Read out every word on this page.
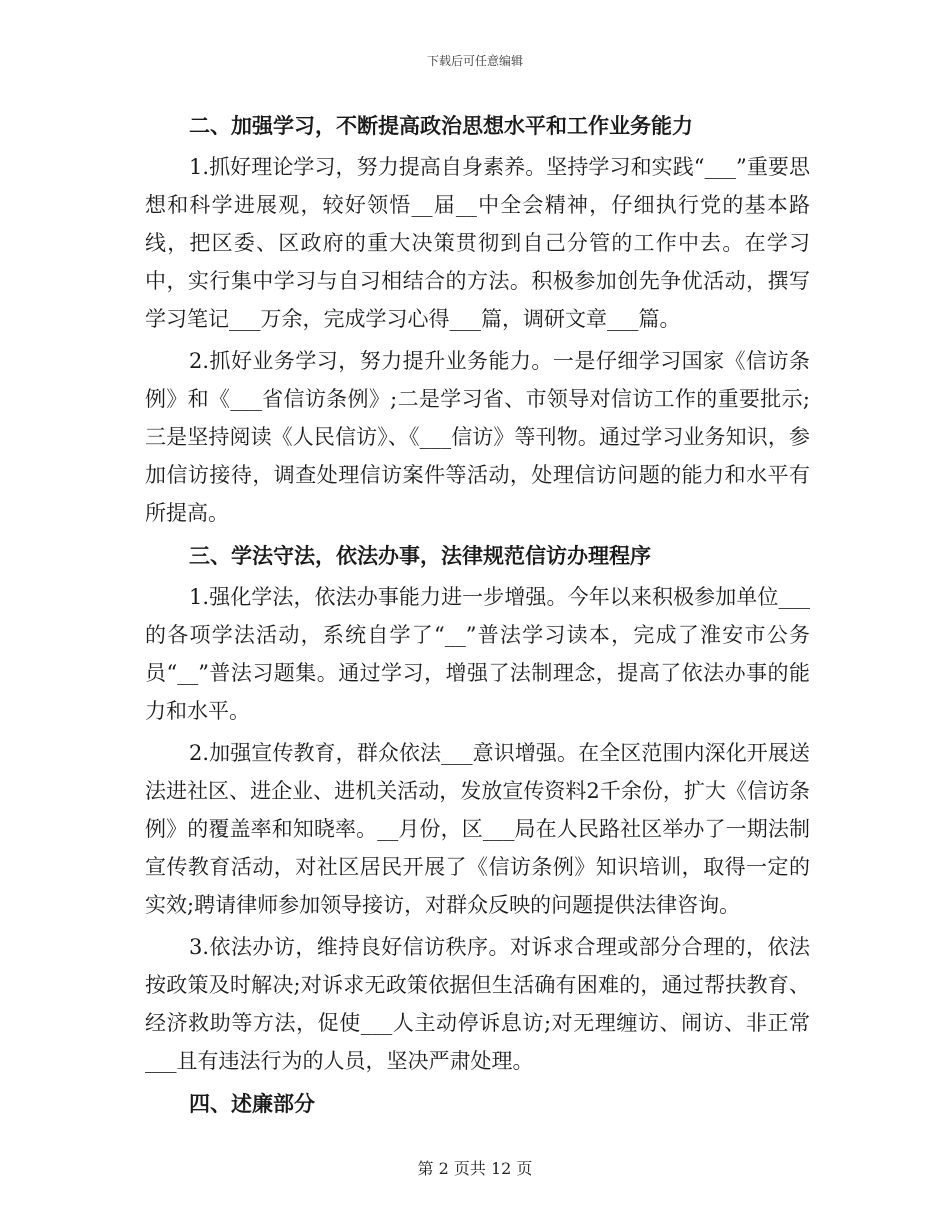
下载后可任意编辑
二、加强学习，不断提高政治思想水平和工作业务能力

1.抓好理论学习，努力提高自身素养。坚持学习和实践“___”重要思想和科学进展观，较好领悟__届__中全会精神，仔细执行党的基本路线，把区委、区政府的重大决策贯彻到自己分管的工作中去。在学习中，实行集中学习与自习相结合的方法。积极参加创先争优活动，撰写学习笔记___万余，完成学习心得___篇，调研文章___篇。

2.抓好业务学习，努力提升业务能力。一是仔细学习国家《信访条例》和《___省信访条例》;二是学习省、市领导对信访工作的重要批示;三是坚持阅读《人民信访》、《___信访》等刊物。通过学习业务知识，参加信访接待，调查处理信访案件等活动，处理信访问题的能力和水平有所提高。

三、学法守法，依法办事，法律规范信访办理程序

1.强化学法，依法办事能力进一步增强。今年以来积极参加单位___的各项学法活动，系统自学了“__”普法学习读本，完成了淮安市公务员“__”普法习题集。通过学习，增强了法制理念，提高了依法办事的能力和水平。

2.加强宣传教育，群众依法___意识增强。在全区范围内深化开展送法进社区、进企业、进机关活动，发放宣传资料2千余份，扩大《信访条例》的覆盖率和知晓率。__月份，区___局在人民路社区举办了一期法制宣传教育活动，对社区居民开展了《信访条例》知识培训，取得一定的实效;聘请律师参加领导接访，对群众反映的问题提供法律咨询。

3.依法办访，维持良好信访秩序。对诉求合理或部分合理的，依法按政策及时解决;对诉求无政策依据但生活确有困难的，通过帮扶教育、经济救助等方法，促使___人主动停诉息访;对无理缠访、闹访、非正常___且有违法行为的人员，坚决严肃处理。

四、述廉部分
第 2 页共 12 页
